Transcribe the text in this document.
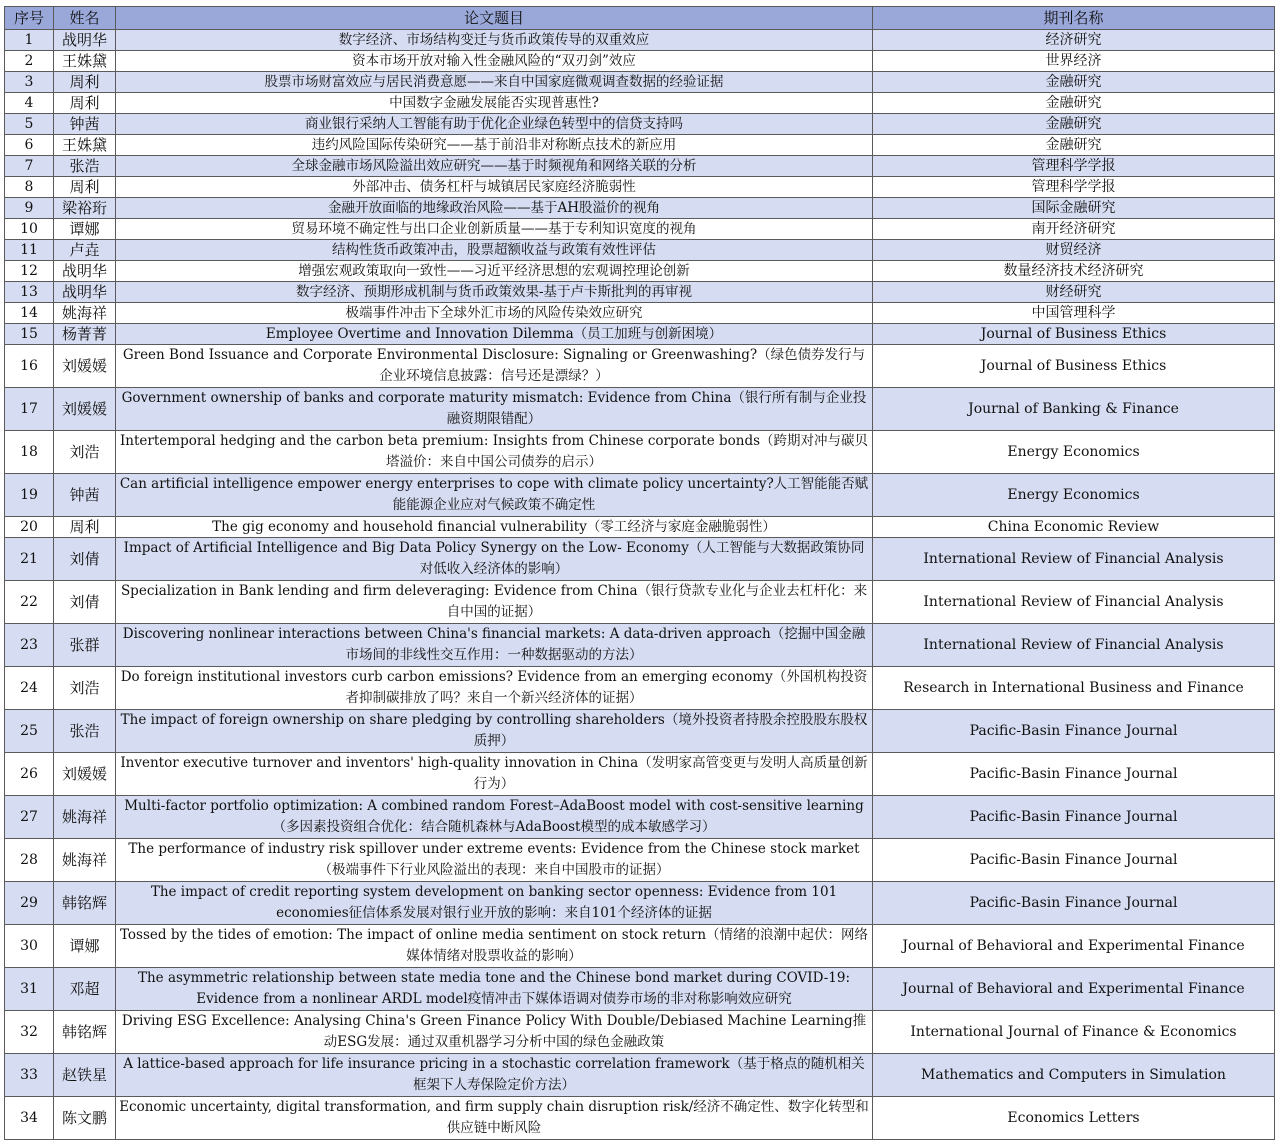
序号	姓名	论文题目	期刊名称
1	战明华	数字经济、市场结构变迁与货币政策传导的双重效应	经济研究
2	王姝黛	资本市场开放对输入性金融风险的“双刃剑”效应	世界经济
3	周利	股票市场财富效应与居民消费意愿——来自中国家庭微观调查数据的经验证据	金融研究
4	周利	中国数字金融发展能否实现普惠性?	金融研究
5	钟茜	商业银行采纳人工智能有助于优化企业绿色转型中的信贷支持吗	金融研究
6	王姝黛	违约风险国际传染研究——基于前沿非对称断点技术的新应用	金融研究
7	张浩	全球金融市场风险溢出效应研究——基于时频视角和网络关联的分析	管理科学学报
8	周利	外部冲击、债务杠杆与城镇居民家庭经济脆弱性	管理科学学报
9	梁裕珩	金融开放面临的地缘政治风险——基于AH股溢价的视角	国际金融研究
10	谭娜	贸易环境不确定性与出口企业创新质量——基于专利知识宽度的视角	南开经济研究
11	卢垚	结构性货币政策冲击，股票超额收益与政策有效性评估	财贸经济
12	战明华	增强宏观政策取向一致性——习近平经济思想的宏观调控理论创新	数量经济技术经济研究
13	战明华	数字经济、预期形成机制与货币政策效果-基于卢卡斯批判的再审视	财经研究
14	姚海祥	极端事件冲击下全球外汇市场的风险传染效应研究	中国管理科学
15	杨菁菁	Employee Overtime and Innovation Dilemma（员工加班与创新困境）	Journal of Business Ethics
16	刘媛媛	Green Bond Issuance and Corporate Environmental Disclosure: Signaling or Greenwashing?（绿色债券发行与企业环境信息披露：信号还是漂绿？）	Journal of Business Ethics
17	刘媛媛	Government ownership of banks and corporate maturity mismatch: Evidence from China（银行所有制与企业投融资期限错配）	Journal of Banking & Finance
18	刘浩	Intertemporal hedging and the carbon beta premium: Insights from Chinese corporate bonds（跨期对冲与碳贝塔溢价：来自中国公司债券的启示）	Energy Economics
19	钟茜	Can artificial intelligence empower energy enterprises to cope with climate policy uncertainty?人工智能能否赋能能源企业应对气候政策不确定性	Energy Economics
20	周利	The gig economy and household financial vulnerability（零工经济与家庭金融脆弱性）	China Economic Review
21	刘倩	Impact of Artificial Intelligence and Big Data Policy Synergy on the Low- Economy（人工智能与大数据政策协同对低收入经济体的影响）	International Review of Financial Analysis
22	刘倩	Specialization in Bank lending and firm deleveraging: Evidence from China（银行贷款专业化与企业去杠杆化：来自中国的证据）	International Review of Financial Analysis
23	张群	Discovering nonlinear interactions between China's financial markets: A data-driven approach（挖掘中国金融市场间的非线性交互作用：一种数据驱动的方法）	International Review of Financial Analysis
24	刘浩	Do foreign institutional investors curb carbon emissions? Evidence from an emerging economy（外国机构投资者抑制碳排放了吗？来自一个新兴经济体的证据）	Research in International Business and Finance
25	张浩	The impact of foreign ownership on share pledging by controlling shareholders（境外投资者持股余控股股东股权质押）	Pacific-Basin Finance Journal
26	刘媛媛	Inventor executive turnover and inventors' high-quality innovation in China（发明家高管变更与发明人高质量创新行为）	Pacific-Basin Finance Journal
27	姚海祥	Multi-factor portfolio optimization: A combined random Forest–AdaBoost model with cost-sensitive learning（多因素投资组合优化：结合随机森林与AdaBoost模型的成本敏感学习）	Pacific-Basin Finance Journal
28	姚海祥	The performance of industry risk spillover under extreme events: Evidence from the Chinese stock market（极端事件下行业风险溢出的表现：来自中国股市的证据）	Pacific-Basin Finance Journal
29	韩铭辉	The impact of credit reporting system development on banking sector openness: Evidence from 101 economies征信体系发展对银行业开放的影响：来自101个经济体的证据	Pacific-Basin Finance Journal
30	谭娜	Tossed by the tides of emotion: The impact of online media sentiment on stock return（情绪的浪潮中起伏：网络媒体情绪对股票收益的影响）	Journal of Behavioral and Experimental Finance
31	邓超	The asymmetric relationship between state media tone and the Chinese bond market during COVID-19: Evidence from a nonlinear ARDL model疫情冲击下媒体语调对债券市场的非对称影响效应研究	Journal of Behavioral and Experimental Finance
32	韩铭辉	Driving ESG Excellence: Analysing China's Green Finance Policy With Double/Debiased Machine Learning推动ESG发展：通过双重机器学习分析中国的绿色金融政策	International Journal of Finance & Economics
33	赵铁星	A lattice-based approach for life insurance pricing in a stochastic correlation framework（基于格点的随机相关框架下人寿保险定价方法）	Mathematics and Computers in Simulation
34	陈文鹏	Economic uncertainty, digital transformation, and firm supply chain disruption risk/经济不确定性、数字化转型和供应链中断风险	Economics Letters
